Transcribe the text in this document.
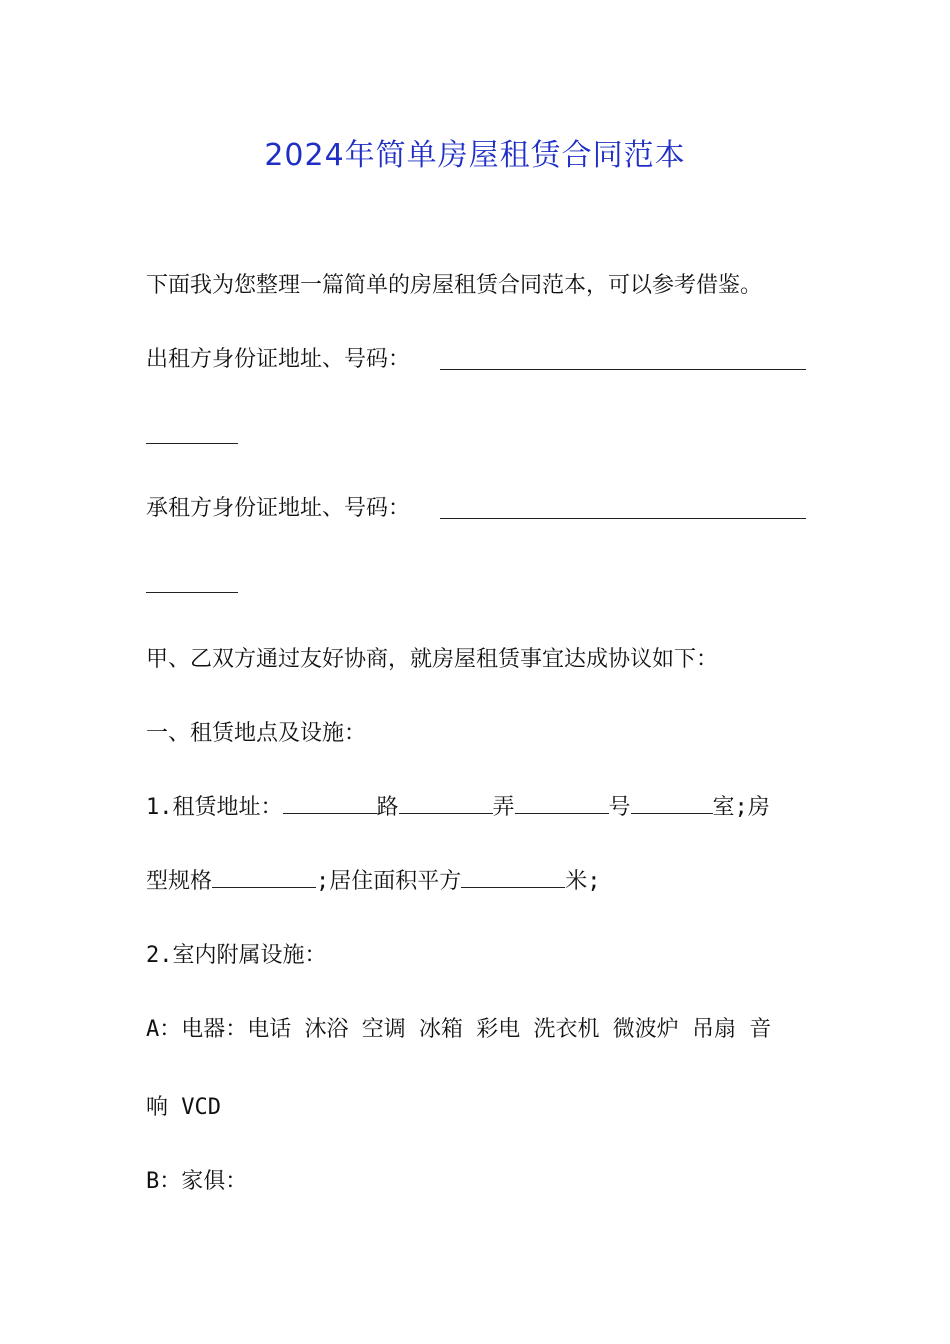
2024年简单房屋租赁合同范本
下面我为您整理一篇简单的房屋租赁合同范本，可以参考借鉴。
出租方身份证地址、号码：
承租方身份证地址、号码：
甲、乙双方通过友好协商，就房屋租赁事宜达成协议如下：
一、租赁地点及设施：
1.租赁地址：	路	弄	号	室;房
型规格	;居住面积平方	米;
2.室内附属设施：
A：电器：电话 沐浴 空调 冰箱 彩电 洗衣机 微波炉 吊扇 音
响 VCD
B：家俱：
